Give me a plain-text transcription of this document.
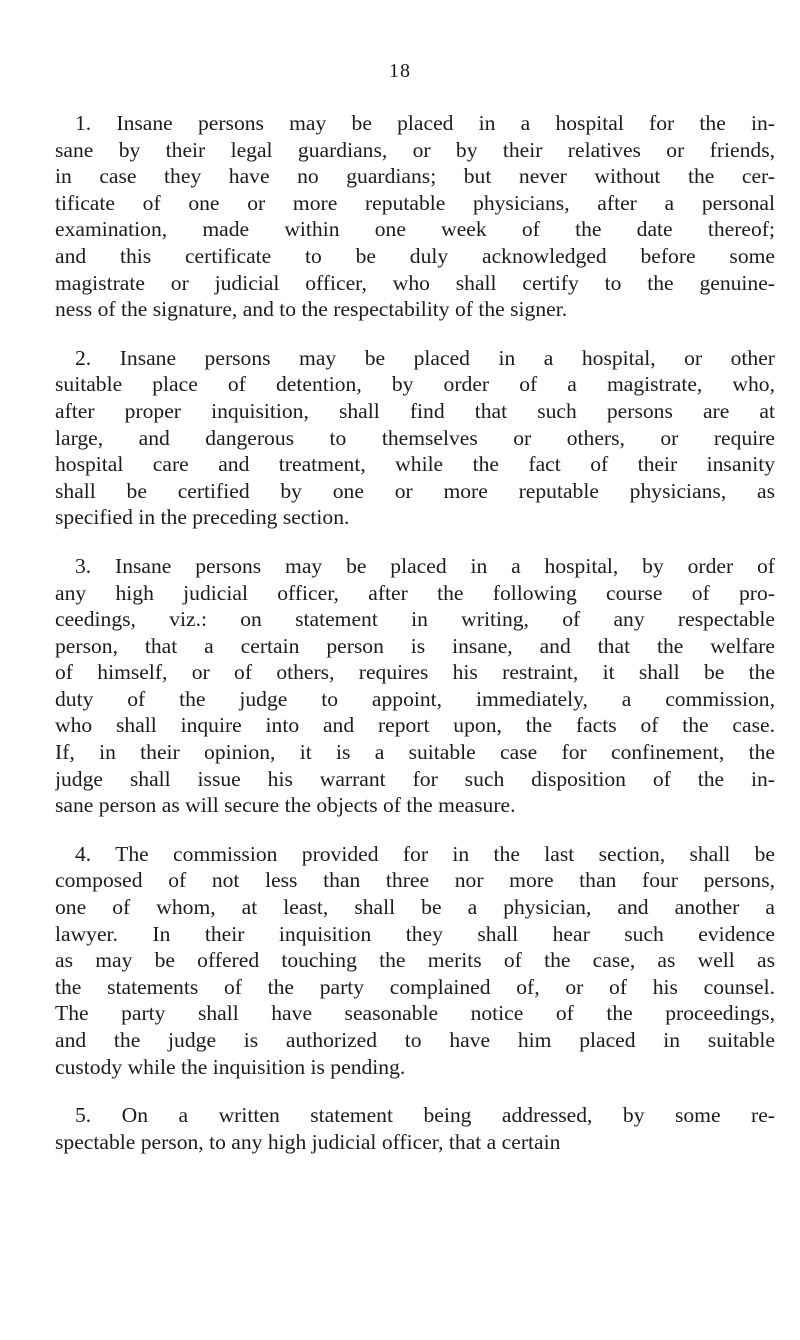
18
1. Insane persons may be placed in a hospital for the in-
sane by their legal guardians, or by their relatives or friends,
in case they have no guardians; but never without the cer-
tificate of one or more reputable physicians, after a personal
examination, made within one week of the date thereof;
and this certificate to be duly acknowledged before some
magistrate or judicial officer, who shall certify to the genuine-
ness of the signature, and to the respectability of the signer.
2. Insane persons may be placed in a hospital, or other
suitable place of detention, by order of a magistrate, who,
after proper inquisition, shall find that such persons are at
large, and dangerous to themselves or others, or require
hospital care and treatment, while the fact of their insanity
shall be certified by one or more reputable physicians, as
specified in the preceding section.
3. Insane persons may be placed in a hospital, by order of
any high judicial officer, after the following course of pro-
ceedings, viz.: on statement in writing, of any respectable
person, that a certain person is insane, and that the welfare
of himself, or of others, requires his restraint, it shall be the
duty of the judge to appoint, immediately, a commission,
who shall inquire into and report upon, the facts of the case.
If, in their opinion, it is a suitable case for confinement, the
judge shall issue his warrant for such disposition of the in-
sane person as will secure the objects of the measure.
4. The commission provided for in the last section, shall be
composed of not less than three nor more than four persons,
one of whom, at least, shall be a physician, and another a
lawyer. In their inquisition they shall hear such evidence
as may be offered touching the merits of the case, as well as
the statements of the party complained of, or of his counsel.
The party shall have seasonable notice of the proceedings,
and the judge is authorized to have him placed in suitable
custody while the inquisition is pending.
5. On a written statement being addressed, by some re-
spectable person, to any high judicial officer, that a certain
